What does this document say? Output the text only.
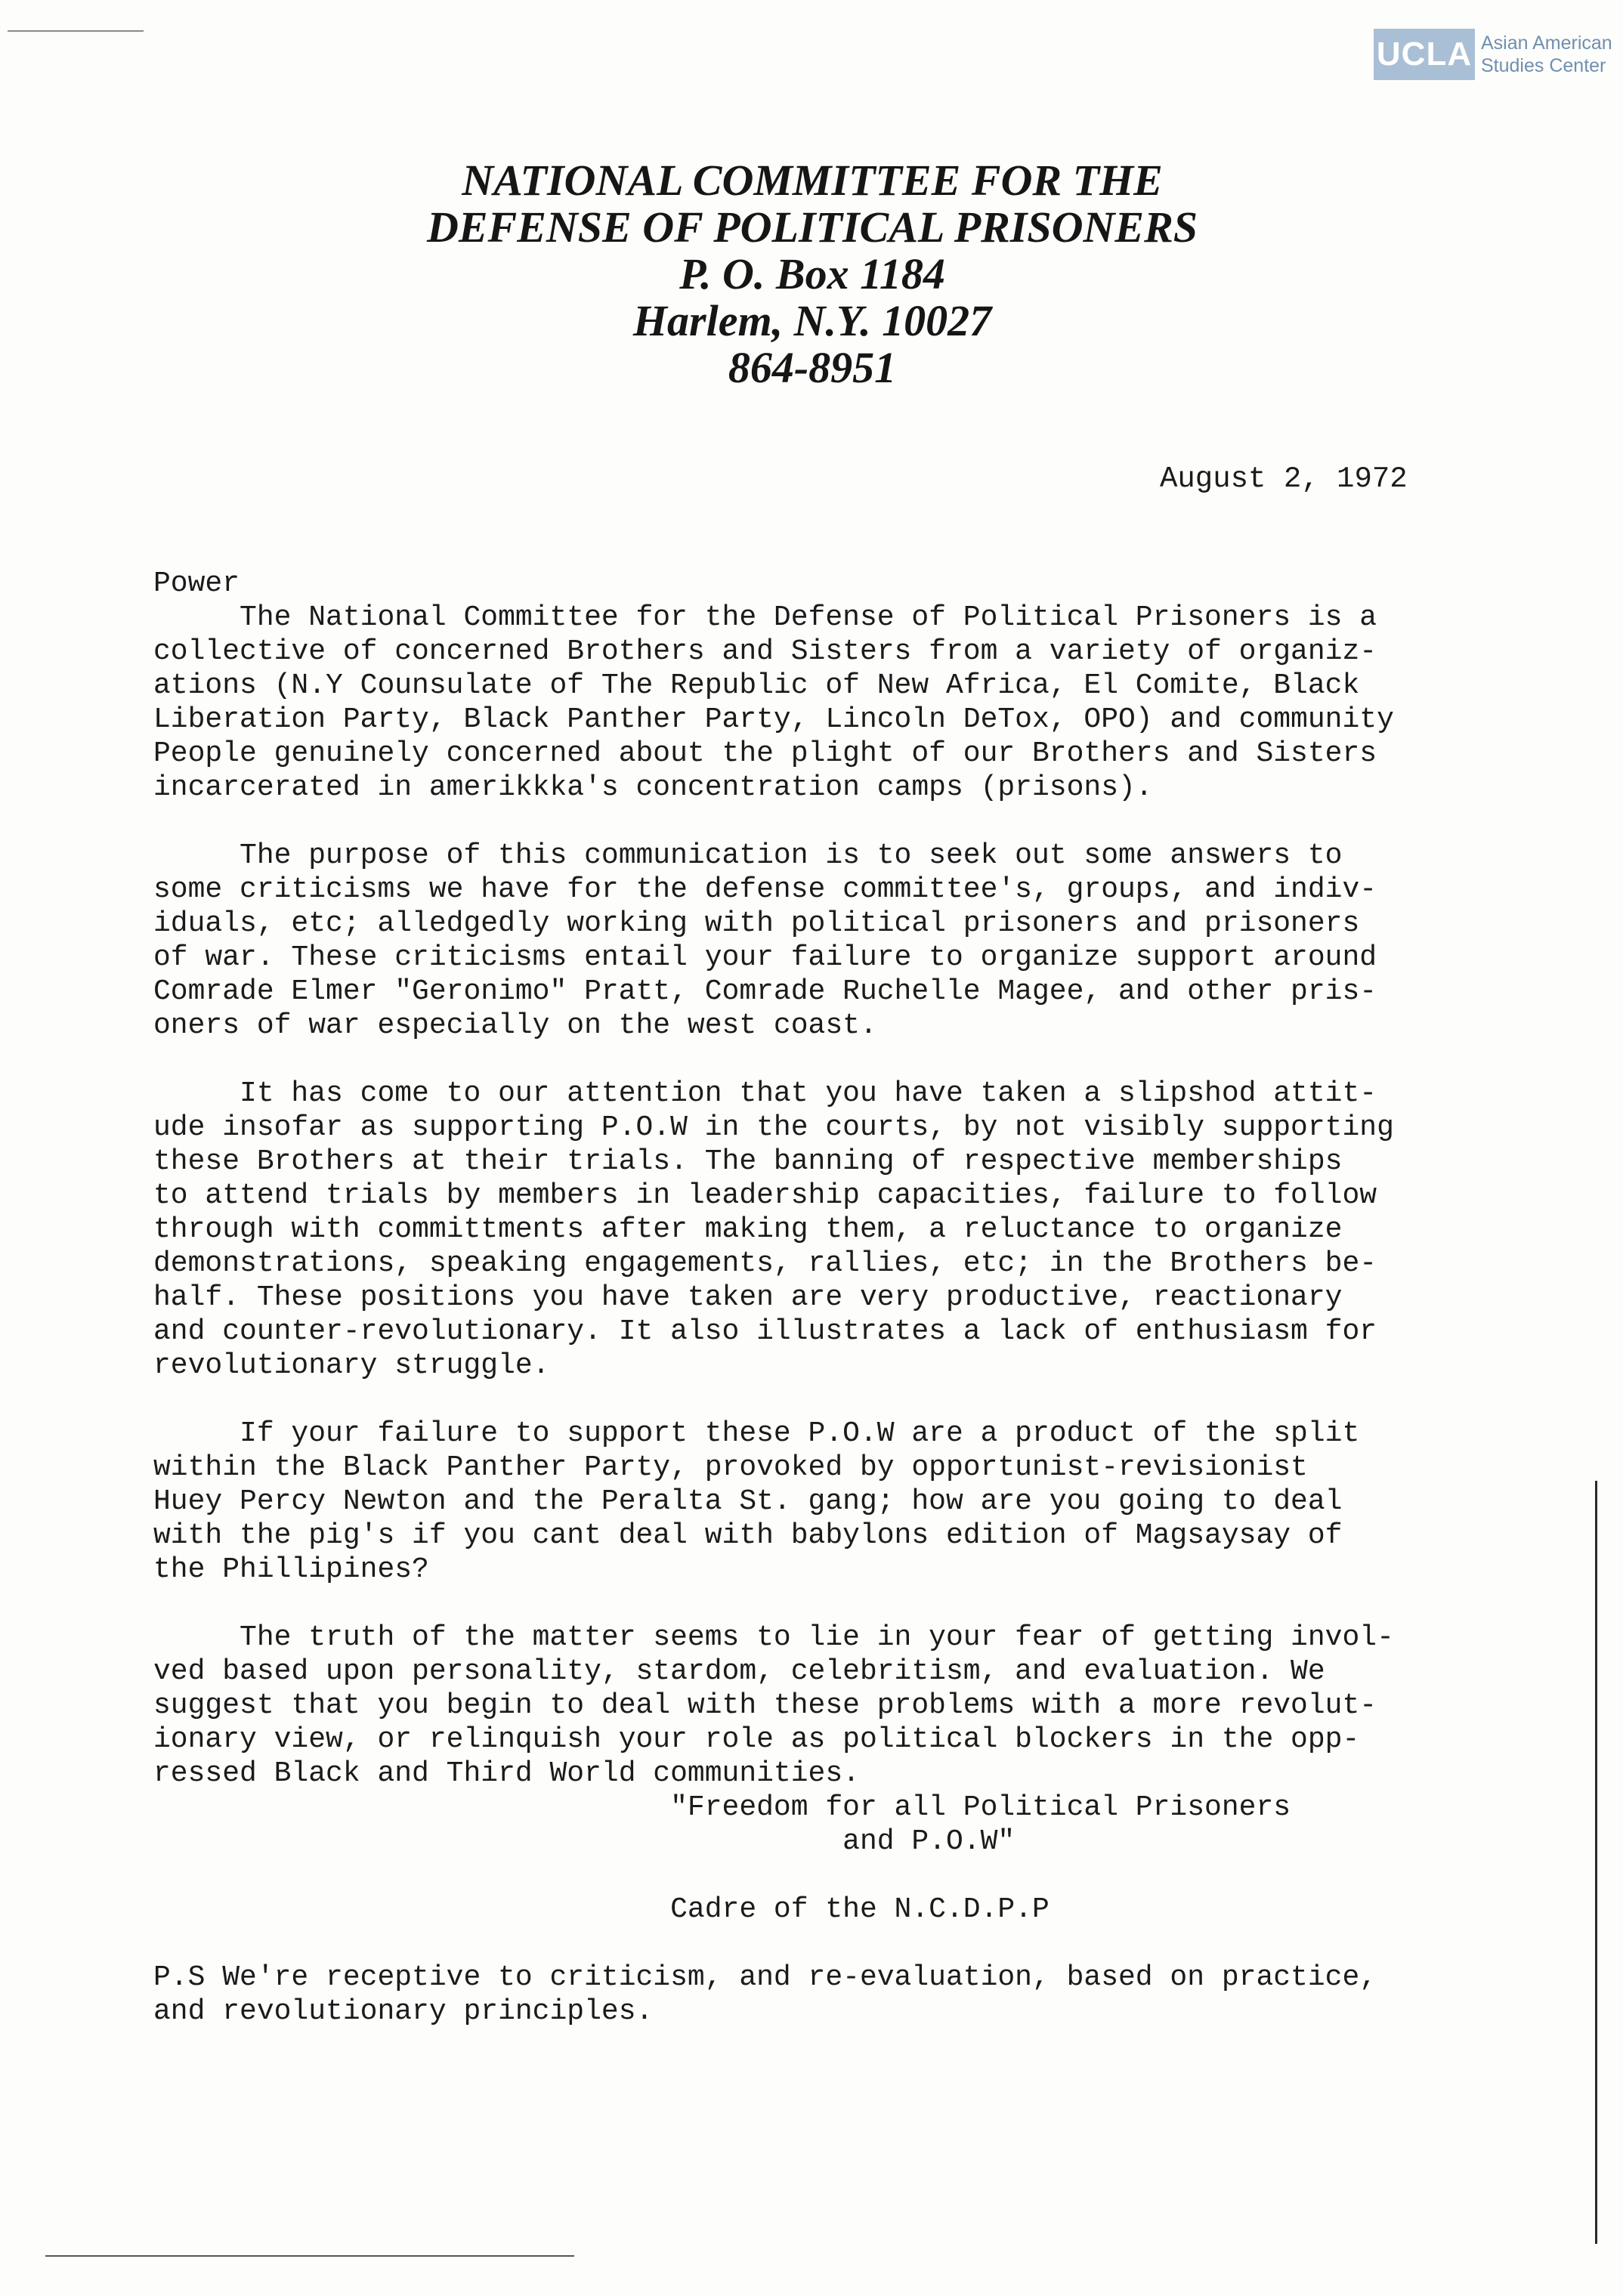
UCLA Asian American
Studies Center
NATIONAL COMMITTEE FOR THE
DEFENSE OF POLITICAL PRISONERS
P. O. Box 1184
Harlem, N.Y. 10027
864-8951
August 2, 1972
Power
The National Committee for the Defense of Political Prisoners is a
collective of concerned Brothers and Sisters from a variety of organiz-
ations (N.Y Counsulate of The Republic of New Africa, El Comite, Black
Liberation Party, Black Panther Party, Lincoln DeTox, OPO) and community
People genuinely concerned about the plight of our Brothers and Sisters
incarcerated in amerikkka's concentration camps (prisons).
The purpose of this communication is to seek out some answers to
some criticisms we have for the defense committee's, groups, and indiv-
iduals, etc; alledgedly working with political prisoners and prisoners
of war. These criticisms entail your failure to organize support around
Comrade Elmer "Geronimo" Pratt, Comrade Ruchelle Magee, and other pris-
oners of war especially on the west coast.
It has come to our attention that you have taken a slipshod attit-
ude insofar as supporting P.O.W in the courts, by not visibly supporting
these Brothers at their trials. The banning of respective memberships
to attend trials by members in leadership capacities, failure to follow
through with committments after making them, a reluctance to organize
demonstrations, speaking engagements, rallies, etc; in the Brothers be-
half. These positions you have taken are very productive, reactionary
and counter-revolutionary. It also illustrates a lack of enthusiasm for
revolutionary struggle.
If your failure to support these P.O.W are a product of the split
within the Black Panther Party, provoked by opportunist-revisionist
Huey Percy Newton and the Peralta St. gang; how are you going to deal
with the pig's if you cant deal with babylons edition of Magsaysay of
the Phillipines?
The truth of the matter seems to lie in your fear of getting invol-
ved based upon personality, stardom, celebritism, and evaluation. We
suggest that you begin to deal with these problems with a more revolut-
ionary view, or relinquish your role as political blockers in the opp-
ressed Black and Third World communities.
"Freedom for all Political Prisoners
and P.O.W"
Cadre of the N.C.D.P.P
P.S We're receptive to criticism, and re-evaluation, based on practice,
and revolutionary principles.
